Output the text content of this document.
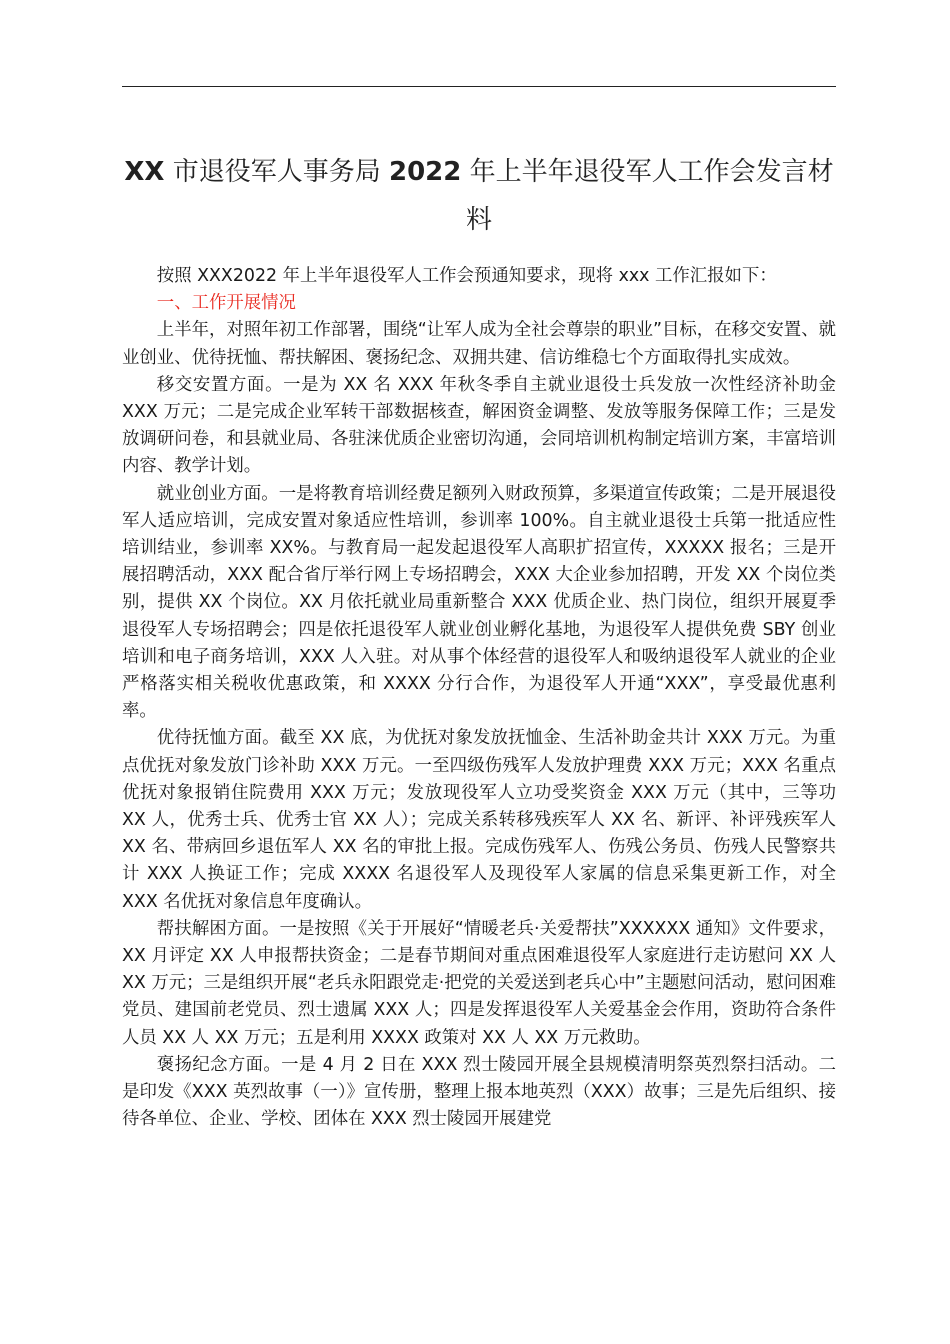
XX 市退役军人事务局 2022 年上半年退役军人工作会发言材料

按照 XXX2022 年上半年退役军人工作会预通知要求，现将 xxx 工作汇报如下：

一、工作开展情况

上半年，对照年初工作部署，围绕“让军人成为全社会尊崇的职业”目标，在移交安置、就业创业、优待抚恤、帮扶解困、褒扬纪念、双拥共建、信访维稳七个方面取得扎实成效。

移交安置方面。一是为 XX 名 XXX 年秋冬季自主就业退役士兵发放一次性经济补助金 XXX 万元；二是完成企业军转干部数据核查，解困资金调整、发放等服务保障工作；三是发放调研问卷，和县就业局、各驻涞优质企业密切沟通，会同培训机构制定培训方案，丰富培训内容、教学计划。

就业创业方面。一是将教育培训经费足额列入财政预算，多渠道宣传政策；二是开展退役军人适应培训，完成安置对象适应性培训，参训率 100%。自主就业退役士兵第一批适应性培训结业，参训率 XX%。与教育局一起发起退役军人高职扩招宣传，XXXXX 报名；三是开展招聘活动，XXX 配合省厅举行网上专场招聘会，XXX 大企业参加招聘，开发 XX 个岗位类别，提供 XX 个岗位。XX 月依托就业局重新整合 XXX 优质企业、热门岗位，组织开展夏季退役军人专场招聘会；四是依托退役军人就业创业孵化基地，为退役军人提供免费 SBY 创业培训和电子商务培训，XXX 人入驻。对从事个体经营的退役军人和吸纳退役军人就业的企业严格落实相关税收优惠政策，和 XXXX 分行合作，为退役军人开通“XXX”，享受最优惠利率。

优待抚恤方面。截至 XX 底，为优抚对象发放抚恤金、生活补助金共计 XXX 万元。为重点优抚对象发放门诊补助 XXX 万元。一至四级伤残军人发放护理费 XXX 万元；XXX 名重点优抚对象报销住院费用 XXX 万元；发放现役军人立功受奖资金 XXX 万元（其中，三等功 XX 人，优秀士兵、优秀士官 XX 人）；完成关系转移残疾军人 XX 名、新评、补评残疾军人 XX 名、带病回乡退伍军人 XX 名的审批上报。完成伤残军人、伤残公务员、伤残人民警察共计 XXX 人换证工作；完成 XXXX 名退役军人及现役军人家属的信息采集更新工作，对全 XXX 名优抚对象信息年度确认。

帮扶解困方面。一是按照《关于开展好“情暖老兵·关爱帮扶”XXXXXX 通知》文件要求，XX 月评定 XX 人申报帮扶资金；二是春节期间对重点困难退役军人家庭进行走访慰问 XX 人 XX 万元；三是组织开展“老兵永阳跟党走·把党的关爱送到老兵心中”主题慰问活动，慰问困难党员、建国前老党员、烈士遗属 XXX 人；四是发挥退役军人关爱基金会作用，资助符合条件人员 XX 人 XX 万元；五是利用 XXXX 政策对 XX 人 XX 万元救助。

褒扬纪念方面。一是 4 月 2 日在 XXX 烈士陵园开展全县规模清明祭英烈祭扫活动。二是印发《XXX 英烈故事（一）》宣传册，整理上报本地英烈（XXX）故事；三是先后组织、接待各单位、企业、学校、团体在 XXX 烈士陵园开展建党
